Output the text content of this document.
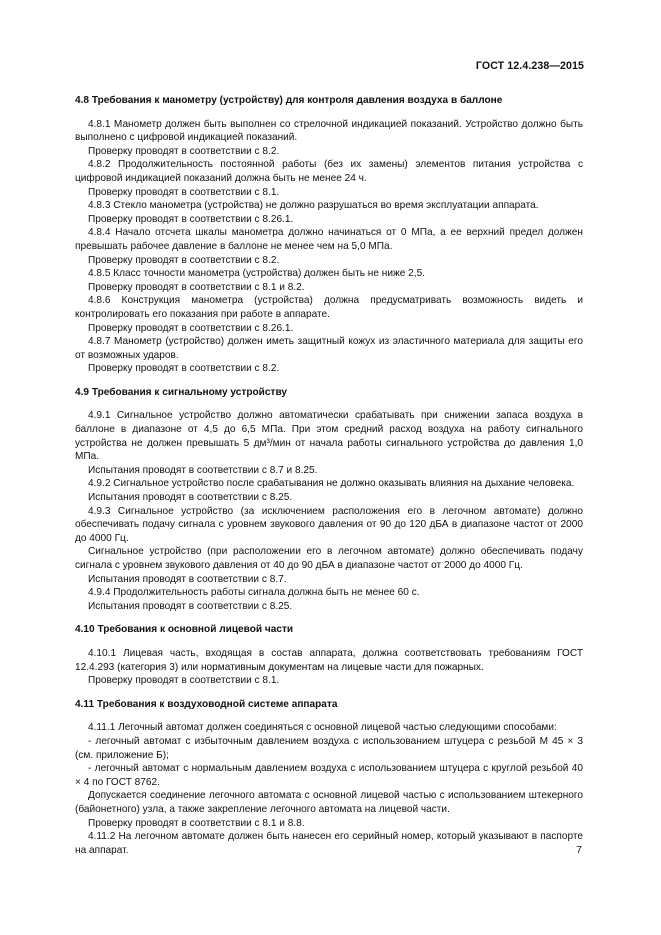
ГОСТ 12.4.238—2015

4.8 Требования к манометру (устройству) для контроля давления воздуха в баллоне

4.8.1 Манометр должен быть выполнен со стрелочной индикацией показаний. Устройство должно быть выполнено с цифровой индикацией показаний.

Проверку проводят в соответствии с 8.2.

4.8.2 Продолжительность постоянной работы (без их замены) элементов питания устройства с цифровой индикацией показаний должна быть не менее 24 ч.

Проверку проводят в соответствии с 8.1.

4.8.3 Стекло манометра (устройства) не должно разрушаться во время эксплуатации аппарата.

Проверку проводят в соответствии с 8.26.1.

4.8.4 Начало отсчета шкалы манометра должно начинаться от 0 МПа, а ее верхний предел должен превышать рабочее давление в баллоне не менее чем на 5,0 МПа.

Проверку проводят в соответствии с 8.2.

4.8.5 Класс точности манометра (устройства) должен быть не ниже 2,5.

Проверку проводят в соответствии с 8.1 и 8.2.

4.8.6 Конструкция манометра (устройства) должна предусматривать возможность видеть и контролировать его показания при работе в аппарате.

Проверку проводят в соответствии с 8.26.1.

4.8.7 Манометр (устройство) должен иметь защитный кожух из эластичного материала для защиты его от возможных ударов.

Проверку проводят в соответствии с 8.2.

4.9 Требования к сигнальному устройству

4.9.1 Сигнальное устройство должно автоматически срабатывать при снижении запаса воздуха в баллоне в диапазоне от 4,5 до 6,5 МПа. При этом средний расход воздуха на работу сигнального устройства не должен превышать 5 дм³/мин от начала работы сигнального устройства до давления 1,0 МПа.

Испытания проводят в соответствии с 8.7 и 8.25.

4.9.2 Сигнальное устройство после срабатывания не должно оказывать влияния на дыхание человека.

Испытания проводят в соответствии с 8.25.

4.9.3 Сигнальное устройство (за исключением расположения его в легочном автомате) должно обеспечивать подачу сигнала с уровнем звукового давления от 90 до 120 дБА в диапазоне частот от 2000 до 4000 Гц.

Сигнальное устройство (при расположении его в легочном автомате) должно обеспечивать подачу сигнала с уровнем звукового давления от 40 до 90 дБА в диапазоне частот от 2000 до 4000 Гц.

Испытания проводят в соответствии с 8.7.

4.9.4 Продолжительность работы сигнала должна быть не менее 60 с.

Испытания проводят в соответствии с 8.25.

4.10 Требования к основной лицевой части

4.10.1 Лицевая часть, входящая в состав аппарата, должна соответствовать требованиям ГОСТ 12.4.293 (категория 3) или нормативным документам на лицевые части для пожарных.

Проверку проводят в соответствии с 8.1.

4.11 Требования к воздуховодной системе аппарата

4.11.1 Легочный автомат должен соединяться с основной лицевой частью следующими способами:

- легочный автомат с избыточным давлением воздуха с использованием штуцера с резьбой М 45 × 3 (см. приложение Б);

- легочный автомат с нормальным давлением воздуха с использованием штуцера с круглой резьбой 40 × 4 по ГОСТ 8762.

Допускается соединение легочного автомата с основной лицевой частью с использованием штекерного (байонетного) узла, а также закрепление легочного автомата на лицевой части.

Проверку проводят в соответствии с 8.1 и 8.8.

4.11.2 На легочном автомате должен быть нанесен его серийный номер, который указывают в паспорте на аппарат.	7
